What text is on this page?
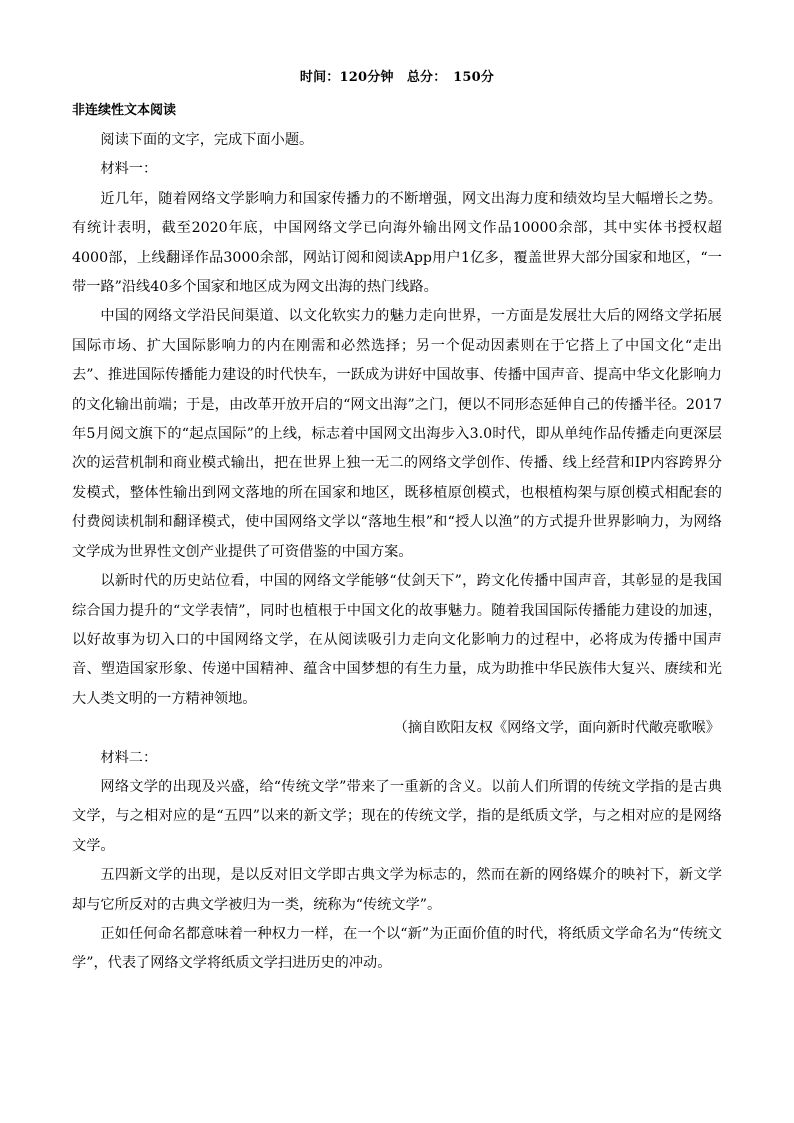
时间：120分钟　总分：　150分
非连续性文本阅读

阅读下面的文字，完成下面小题。

材料一：

近几年，随着网络文学影响力和国家传播力的不断增强，网文出海力度和绩效均呈大幅增长之势。有统计表明，截至2020年底，中国网络文学已向海外输出网文作品10000余部，其中实体书授权超4000部，上线翻译作品3000余部，网站订阅和阅读App用户1亿多，覆盖世界大部分国家和地区，“一带一路”沿线40多个国家和地区成为网文出海的热门线路。

中国的网络文学沿民间渠道、以文化软实力的魅力走向世界，一方面是发展壮大后的网络文学拓展国际市场、扩大国际影响力的内在刚需和必然选择；另一个促动因素则在于它搭上了中国文化“走出去”、推进国际传播能力建设的时代快车，一跃成为讲好中国故事、传播中国声音、提高中华文化影响力的文化输出前端；于是，由改革开放开启的“网文出海”之门，便以不同形态延伸自己的传播半径。2017年5月阅文旗下的“起点国际”的上线，标志着中国网文出海步入3.0时代，即从单纯作品传播走向更深层次的运营机制和商业模式输出，把在世界上独一无二的网络文学创作、传播、线上经营和IP内容跨界分发模式，整体性输出到网文落地的所在国家和地区，既移植原创模式，也根植构架与原创模式相配套的付费阅读机制和翻译模式，使中国网络文学以“落地生根”和“授人以渔”的方式提升世界影响力，为网络文学成为世界性文创产业提供了可资借鉴的中国方案。

以新时代的历史站位看，中国的网络文学能够“仗剑天下”，跨文化传播中国声音，其彰显的是我国综合国力提升的“文学表情”，同时也植根于中国文化的故事魅力。随着我国国际传播能力建设的加速，以好故事为切入口的中国网络文学，在从阅读吸引力走向文化影响力的过程中，必将成为传播中国声音、塑造国家形象、传递中国精神、蕴含中国梦想的有生力量，成为助推中华民族伟大复兴、赓续和光大人类文明的一方精神领地。

（摘自欧阳友权《网络文学，面向新时代敞亮歌喉》

材料二：

网络文学的出现及兴盛，给“传统文学”带来了一重新的含义。以前人们所谓的传统文学指的是古典文学，与之相对应的是“五四”以来的新文学；现在的传统文学，指的是纸质文学，与之相对应的是网络文学。

五四新文学的出现，是以反对旧文学即古典文学为标志的，然而在新的网络媒介的映衬下，新文学却与它所反对的古典文学被归为一类，统称为“传统文学”。

正如任何命名都意味着一种权力一样，在一个以“新”为正面价值的时代，将纸质文学命名为“传统文学”，代表了网络文学将纸质文学扫进历史的冲动。
